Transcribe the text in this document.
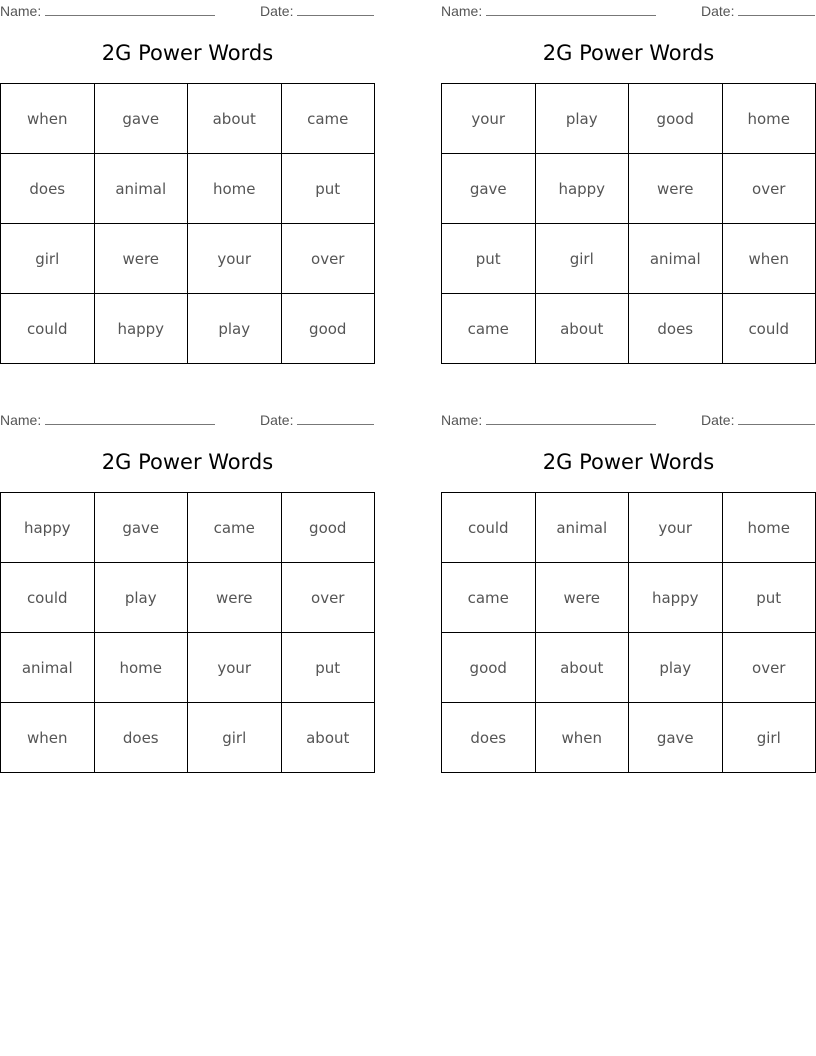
Name:	Date:
2G Power Words
when	gave	about	came
does	animal	home	put
girl	were	your	over
could	happy	play	good
Name:	Date:
2G Power Words
your	play	good	home
gave	happy	were	over
put	girl	animal	when
came	about	does	could
Name:	Date:
2G Power Words
happy	gave	came	good
could	play	were	over
animal	home	your	put
when	does	girl	about
Name:	Date:
2G Power Words
could	animal	your	home
came	were	happy	put
good	about	play	over
does	when	gave	girl
